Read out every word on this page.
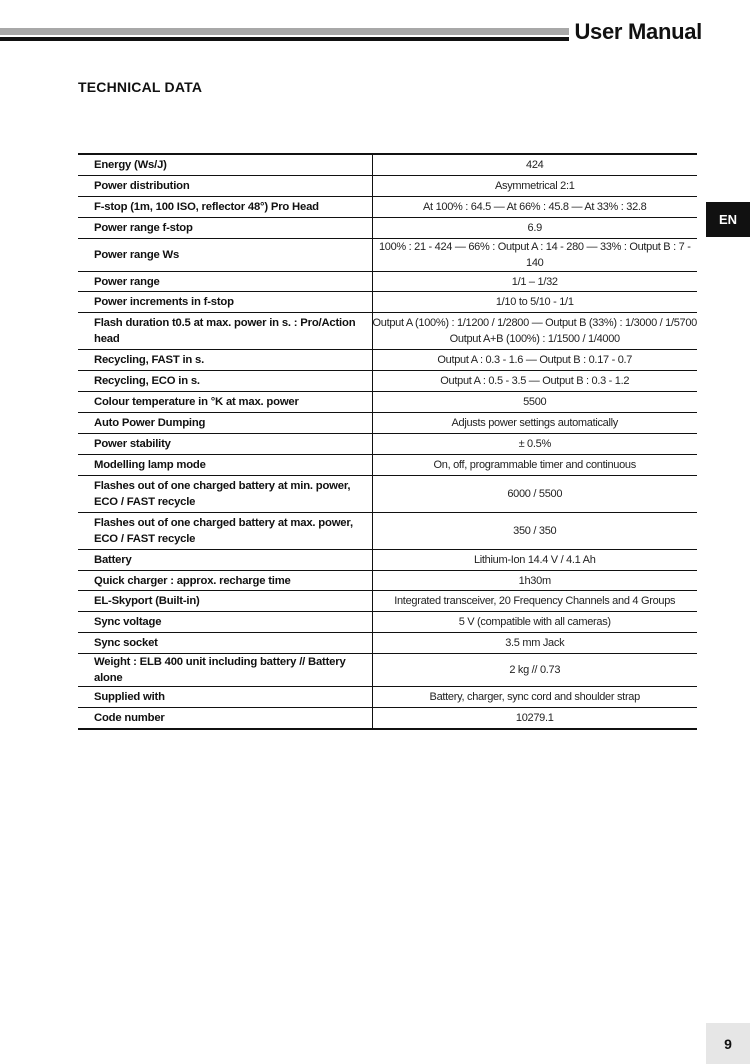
User Manual
TECHNICAL DATA
EN
Energy (Ws/J)	424
Power distribution	Asymmetrical 2:1
F-stop (1m, 100 ISO, reflector 48°) Pro Head	At 100% : 64.5 — At 66% : 45.8 — At 33% : 32.8
Power range f-stop	6.9
Power range Ws	100% : 21 - 424 — 66% : Output A : 14 - 280 — 33% : Output B : 7 - 140
Power range	1/1 – 1/32
Power increments in f-stop	1/10 to 5/10 - 1/1
Flash duration t0.5 at max. power in s. : Pro/Action head	Output A (100%) : 1/1200 / 1/2800 — Output B (33%) : 1/3000 / 1/5700
Output A+B (100%) : 1/1500 / 1/4000

Recycling, FAST in s.	Output A : 0.3 - 1.6 — Output B : 0.17 - 0.7
Recycling, ECO in s.	Output A : 0.5 - 3.5 — Output B : 0.3 - 1.2
Colour temperature in °K at max. power	5500
Auto Power Dumping	Adjusts power settings automatically
Power stability	± 0.5%
Modelling lamp mode	On, off, programmable timer and continuous

Flashes out of one charged battery at min. power,
ECO / FAST recycle	6000 / 5500

Flashes out of one charged battery at max. power,
ECO / FAST recycle	350 / 350
Battery	Lithium-Ion 14.4 V / 4.1 Ah
Quick charger : approx. recharge time	1h30m
EL-Skyport (Built-in)	Integrated transceiver, 20 Frequency Channels and 4 Groups
Sync voltage	5 V (compatible with all cameras)
Sync socket	3.5 mm Jack
Weight : ELB 400 unit including battery // Battery alone	2 kg // 0.73
Supplied with	Battery, charger, sync cord and shoulder strap
Code number	10279.1
9
